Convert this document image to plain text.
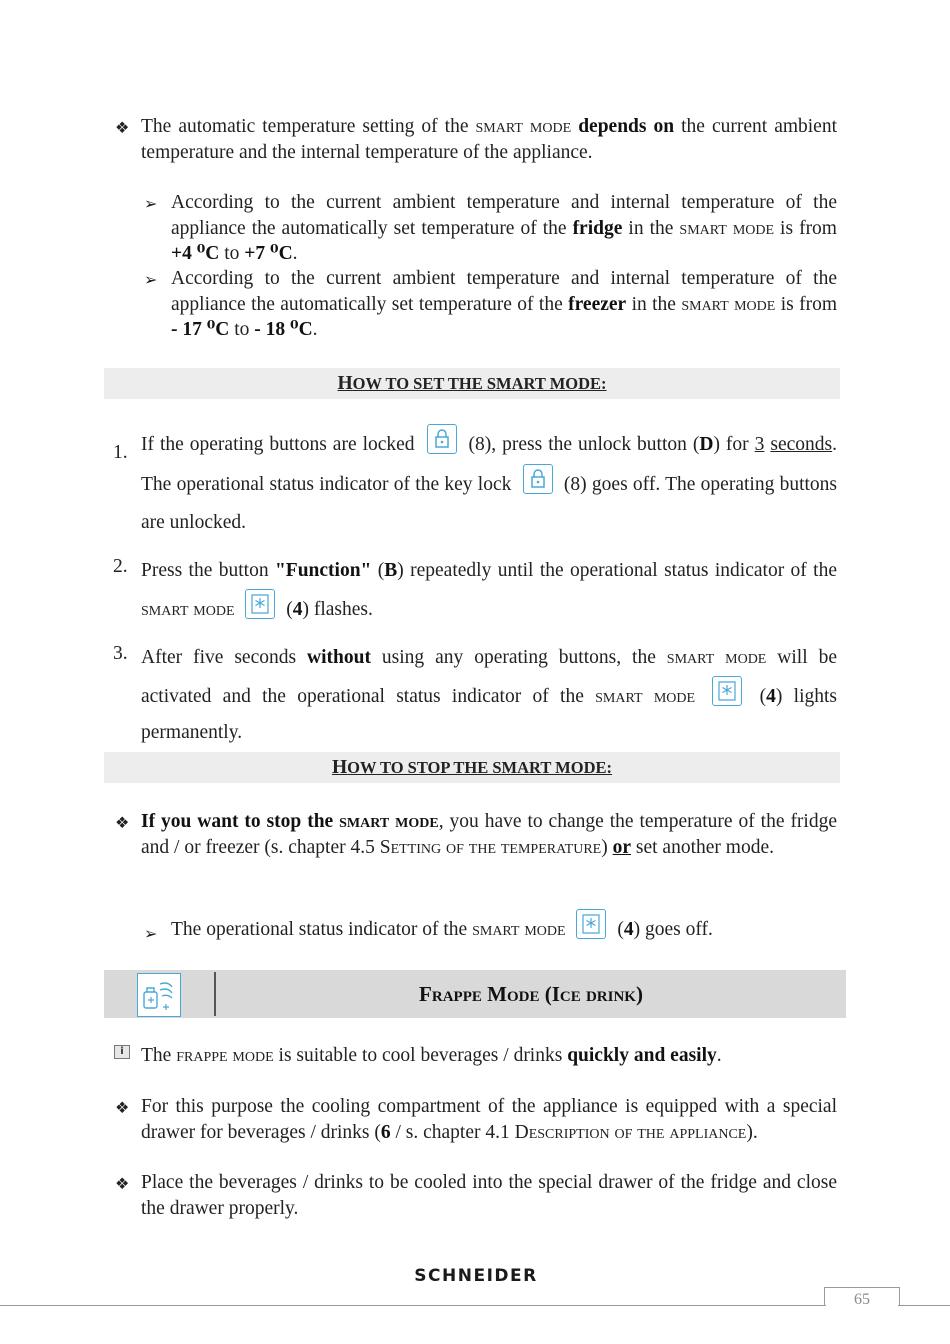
❖ The automatic temperature setting of the smart mode depends on the current ambient temperature and the internal temperature of the appliance.
➢ According to the current ambient temperature and internal temperature of the appliance the automatically set temperature of the fridge in the smart mode is from +4 ⁰C to +7 ⁰C.
➢ According to the current ambient temperature and internal temperature of the appliance the automatically set temperature of the freezer in the smart mode is from - 17 ⁰C to - 18 ⁰C.
HOW TO SET THE SMART MODE:
1. If the operating buttons are locked	(8), press the unlock button (D) for 3 seconds. The operational status indicator of the key lock	(8) goes off. The operating buttons are unlocked.
2. Press the button "Function" (B) repeatedly until the operational status indicator of the smart mode
(4) flashes.
3. After five seconds without using any operating buttons, the smart mode will be activated and the operational status indicator of the smart mode	(4) lights permanently.
HOW TO STOP THE SMART MODE:
❖ If you want to stop the smart mode, you have to change the temperature of the fridge and / or freezer (s. chapter 4.5 Setting of the temperature) or set another mode.
➢ The operational status indicator of the smart mode	(4) goes off.
Frappe Mode (Ice drink)
i The frappe mode is suitable to cool beverages / drinks quickly and easily.
❖ For this purpose the cooling compartment of the appliance is equipped with a special drawer for beverages / drinks (6 / s. chapter 4.1 Description of the appliance).
❖ Place the beverages / drinks to be cooled into the special drawer of the fridge and close the drawer properly.
SCHNEIDER
65
